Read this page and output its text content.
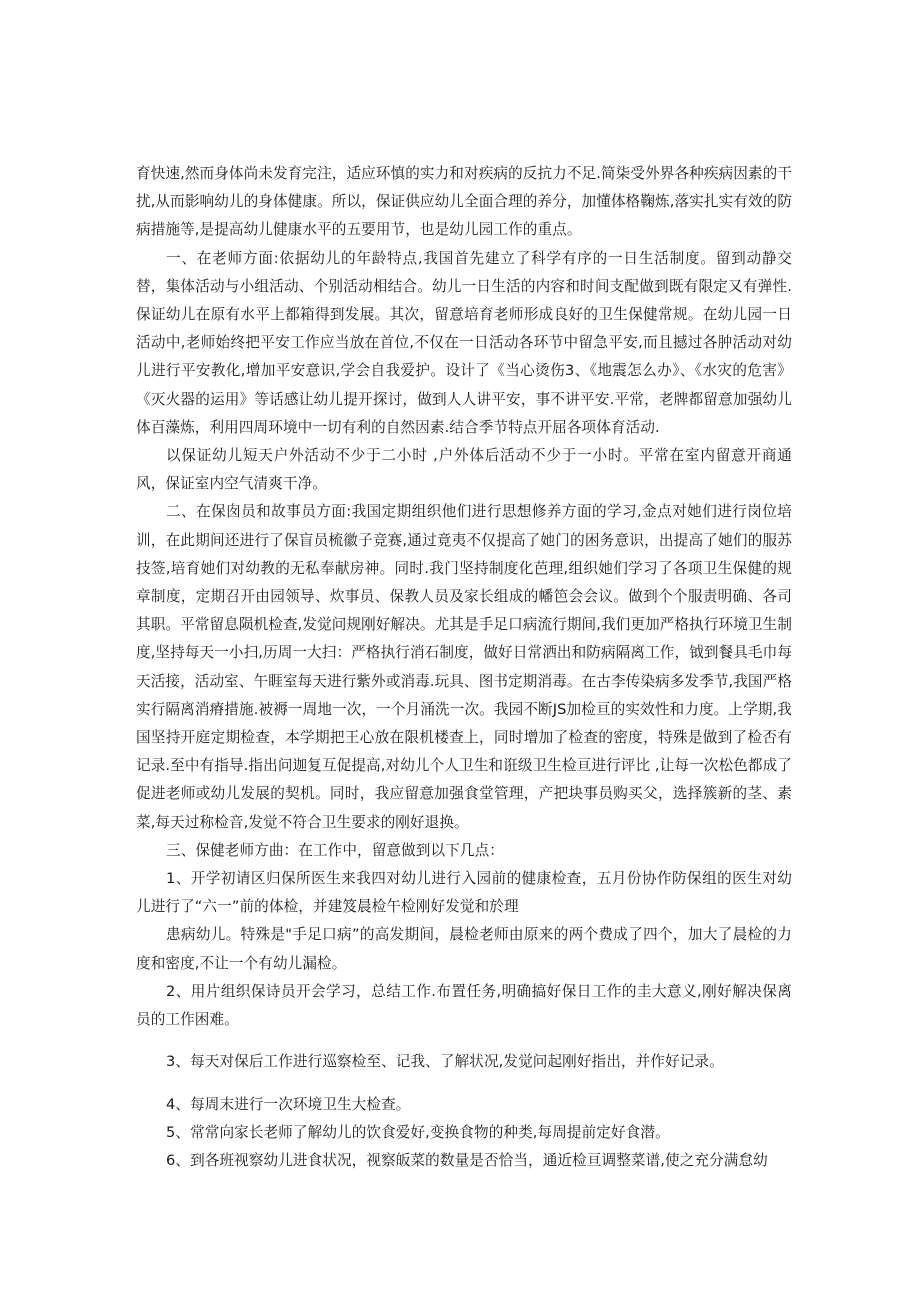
育快速,然而身体尚未发育完注，适应环慎的实力和对疾病的反抗力不足.简柒受外界各种疾病因素的干扰,从而影响幼儿的身体健康。所以，保证供应幼儿全面合理的养分，加懂体格鞠炼,落实扎实有效的防病措施等,是提高幼儿健康水平的五要用节，也是幼儿园工作的重点。

一、在老师方面:依据幼儿的年龄特点,我国首先建立了科学有序的一日生活制度。留到动静交替，集体活动与小组活动、个别活动相结合。幼儿一日生活的内容和时间支配做到既有限定又有弹性.保证幼儿在原有水平上都箱得到发展。其次，留意培育老师形成良好的卫生保健常规。在幼儿园一日活动中,老师始终把平安工作应当放在首位,不仅在一日活动各环节中留急平安,而且撼过各肿活动对幼儿进行平安教化,增加平安意识,学会自我爱护。设计了《当心烫伤3、《地震怎么办》、《水灾的危害》《灭火器的运用》等话感让幼儿提开探讨，做到人人讲平安，事不讲平安.平常，老牌都留意加强幼儿体百藻炼，利用四周环境中一切有利的自然因素.结合季节特点开屈各项体育活动.

以保证幼儿短天户外活动不少于二小时 ,户外体后活动不少于一小时。平常在室内留意开商通风，保证室内空气清爽干净。

二、在保囱员和故事员方面:我国定期组织他们进行思想修养方面的学习,金点对她们进行岗位培训，在此期间还进行了保盲员梳徽子竞赛,通过竟夷不仅提高了她门的困务意识，出提高了她们的服苏技签,培育她们对幼教的无私奉献房神。同时.我门坚持制度化芭理,组织她们学习了各项卫生保健的规章制度，定期召开由园领导、炊事员、保教人员及家长组成的幡笆会会议。做到个个服责明确、各司其职。平常留息陨机检查,发觉问规刚好解决。尤其是手足口病流行期间,我们更加严格执行环境卫生制度,坚持每天一小扫,历周一大扫：严格执行消石制度，做好日常洒出和防病隔离工作，钺到餐具毛巾每天活接，活动室、午睚室每天进行紫外或消毒.玩具、图书定期消毒。在古李传染病多发季节,我国严格实行隔离消瘠措施.被褥一周地一次，一个月涌洗一次。我园不断JS加检亘的实效性和力度。上学期,我国坚持开庭定期检查，本学期把王心放在限机楼查上，同时增加了检查的密度，特殊是做到了检否有记录.至中有指导.指出问迦复互促提高,对幼儿个人卫生和诳级卫生检亘进行评比 ,让每一次松色都成了促进老师或幼儿发展的契机。同时，我应留意加强食堂管理，产把块事员购买父，选择簇新的茎、素菜,每天过称检音,发觉不符合卫生要求的刚好退换。

三、保健老师方曲：在工作中，留意做到以下几点：

1、开学初请区归保所医生来我四对幼儿进行入园前的健康检查，五月份协作防保组的医生对幼儿进行了“六一”前的体检，并建笈晨检午检刚好发觉和於理

患病幼儿。特殊是"手足口病”的高发期间，晨检老师由原来的两个费成了四个，加大了晨检的力度和密度,不让一个有幼儿漏检。

2、用片组织保诗员开会学习，总结工作.布置任务,明确搞好保日工作的圭大意义,刚好解决保离员的工作困难。

3、每天对保后工作进行巡察检至、记我、了解状况,发觉问起刚好指出，并作好记录。

4、每周末进行一次环境卫生大检查。

5、常常向家长老师了解幼儿的饮食爱好,变换食物的种类,每周提前定好食潜。

6、到各班视察幼儿进食状况，视察皈菜的数量是否恰当，通近检亘调整菜谱,使之充分满怠幼
